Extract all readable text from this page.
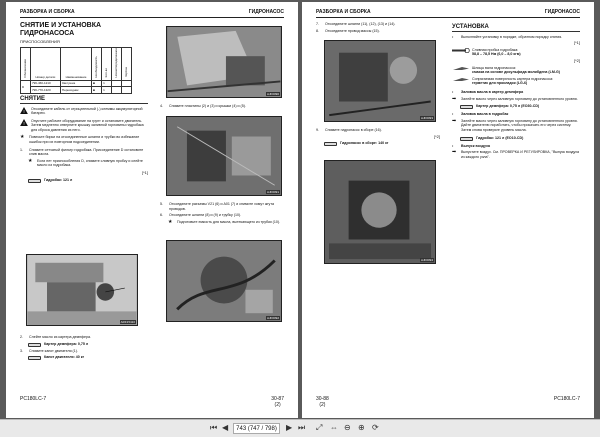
РАЗБОРКА И СБОРКА	ГИДРОНАСОС
СНЯТИЕ И УСТАНОВКА
ГИДРОНАСОСА
ПРИСПОСОБЛЕНИЯ
Обозначение	Номер детали	Наименование	Необходимость	Кол-во	Новое/переделанное	Чертеж
D	796-460-1210	Заглушка	■	1		
	796-770-1320	Переходник	■	1		
СНЯТИЕ
!
Отсоедините кабель от отрицательной (-) клеммы аккумуляторной батареи.
!
Опустите рабочее оборудование на грунт и остановите двигатель. Затем медленно отверните крышку заливной горловины гидробака для сброса давления из него.
★	Повесьте бирки на отсоединенные шланги и трубки во избежание ошибок при их повторном подсоединении.
1.	Снимите сетчатый фильтр гидробака. Присоединение D остановите слив масла.
★	Если нет приспособления D, снимите сливную пробку и слейте масло из гидробака.
[*1]
Гидробак: 121 л
ARF15410
2.	Слейте масло из картера демпфера.
Картер демпфера: 0,75 л
3.	Снимите капот двигателя (1).
Капот двигателя: 40 кг
AJF0090
4.	Снимите пластины (2) и (3) и крышки (4) и (5).
AJF0091
5.	Отсоедините разъемы V21 (6) и A01 (7) и снимите хомут жгута проводов.
6.	Отсоедините шланги (8) и (9) и трубку (10).
★	Подготовьте емкость для масла, вытекающего из трубки (10).
AJF0092
PC180LC-7	30-87
(2)
РАЗБОРКА И СБОРКА	ГИДРОНАСОС
7.	Отсоедините шланги (11), (12), (13) и (14).
8.	Отсоедините провод массы (15).
AJF0093
9.	Снимите гидронасос в сборе (16).
[*2]
Гидронасос в сборе: 140 кг
AJF0094
УСТАНОВКА
•	Выполняйте установку в порядке, обратном порядку снятия.
[*1]
Сливная пробка гидробака:
58,8 – 78,5 Нм (6,0 – 8,0 кгм)
[*2]
Шлицы вала гидронасоса:
смазка на основе дисульфида молибдена (LM-G)
Сопрягаемая поверхность картера гидронасоса:
герметик для прокладок (LG-6)
•	Заливка масла в картер демпфера
➡	Залейте масло через заливную горловину до установленного уровня.
Картер демпфера: 0,75 л (EO30-CD)
•	Заливка масла в гидробак
➡	Залейте масло через заливную горловину до установленного уровня. Дайте двигателю поработать, чтобы прокачать его через систему. Затем снова проверьте уровень масла.
Гидробак: 121 л (EO10-CD)
•	Выпуск воздуха
➡	Выпустите воздух. См. ПРОВЕРКА И РЕГУЛИРОВКА, "Выпуск воздуха из каждого узла".
30-88
(2)
PC180LC-7
⏮ ◀	743 (747 / 798)	▶ ⏭ ⤢ ⇔ ⊖ ⊕ ⟳
